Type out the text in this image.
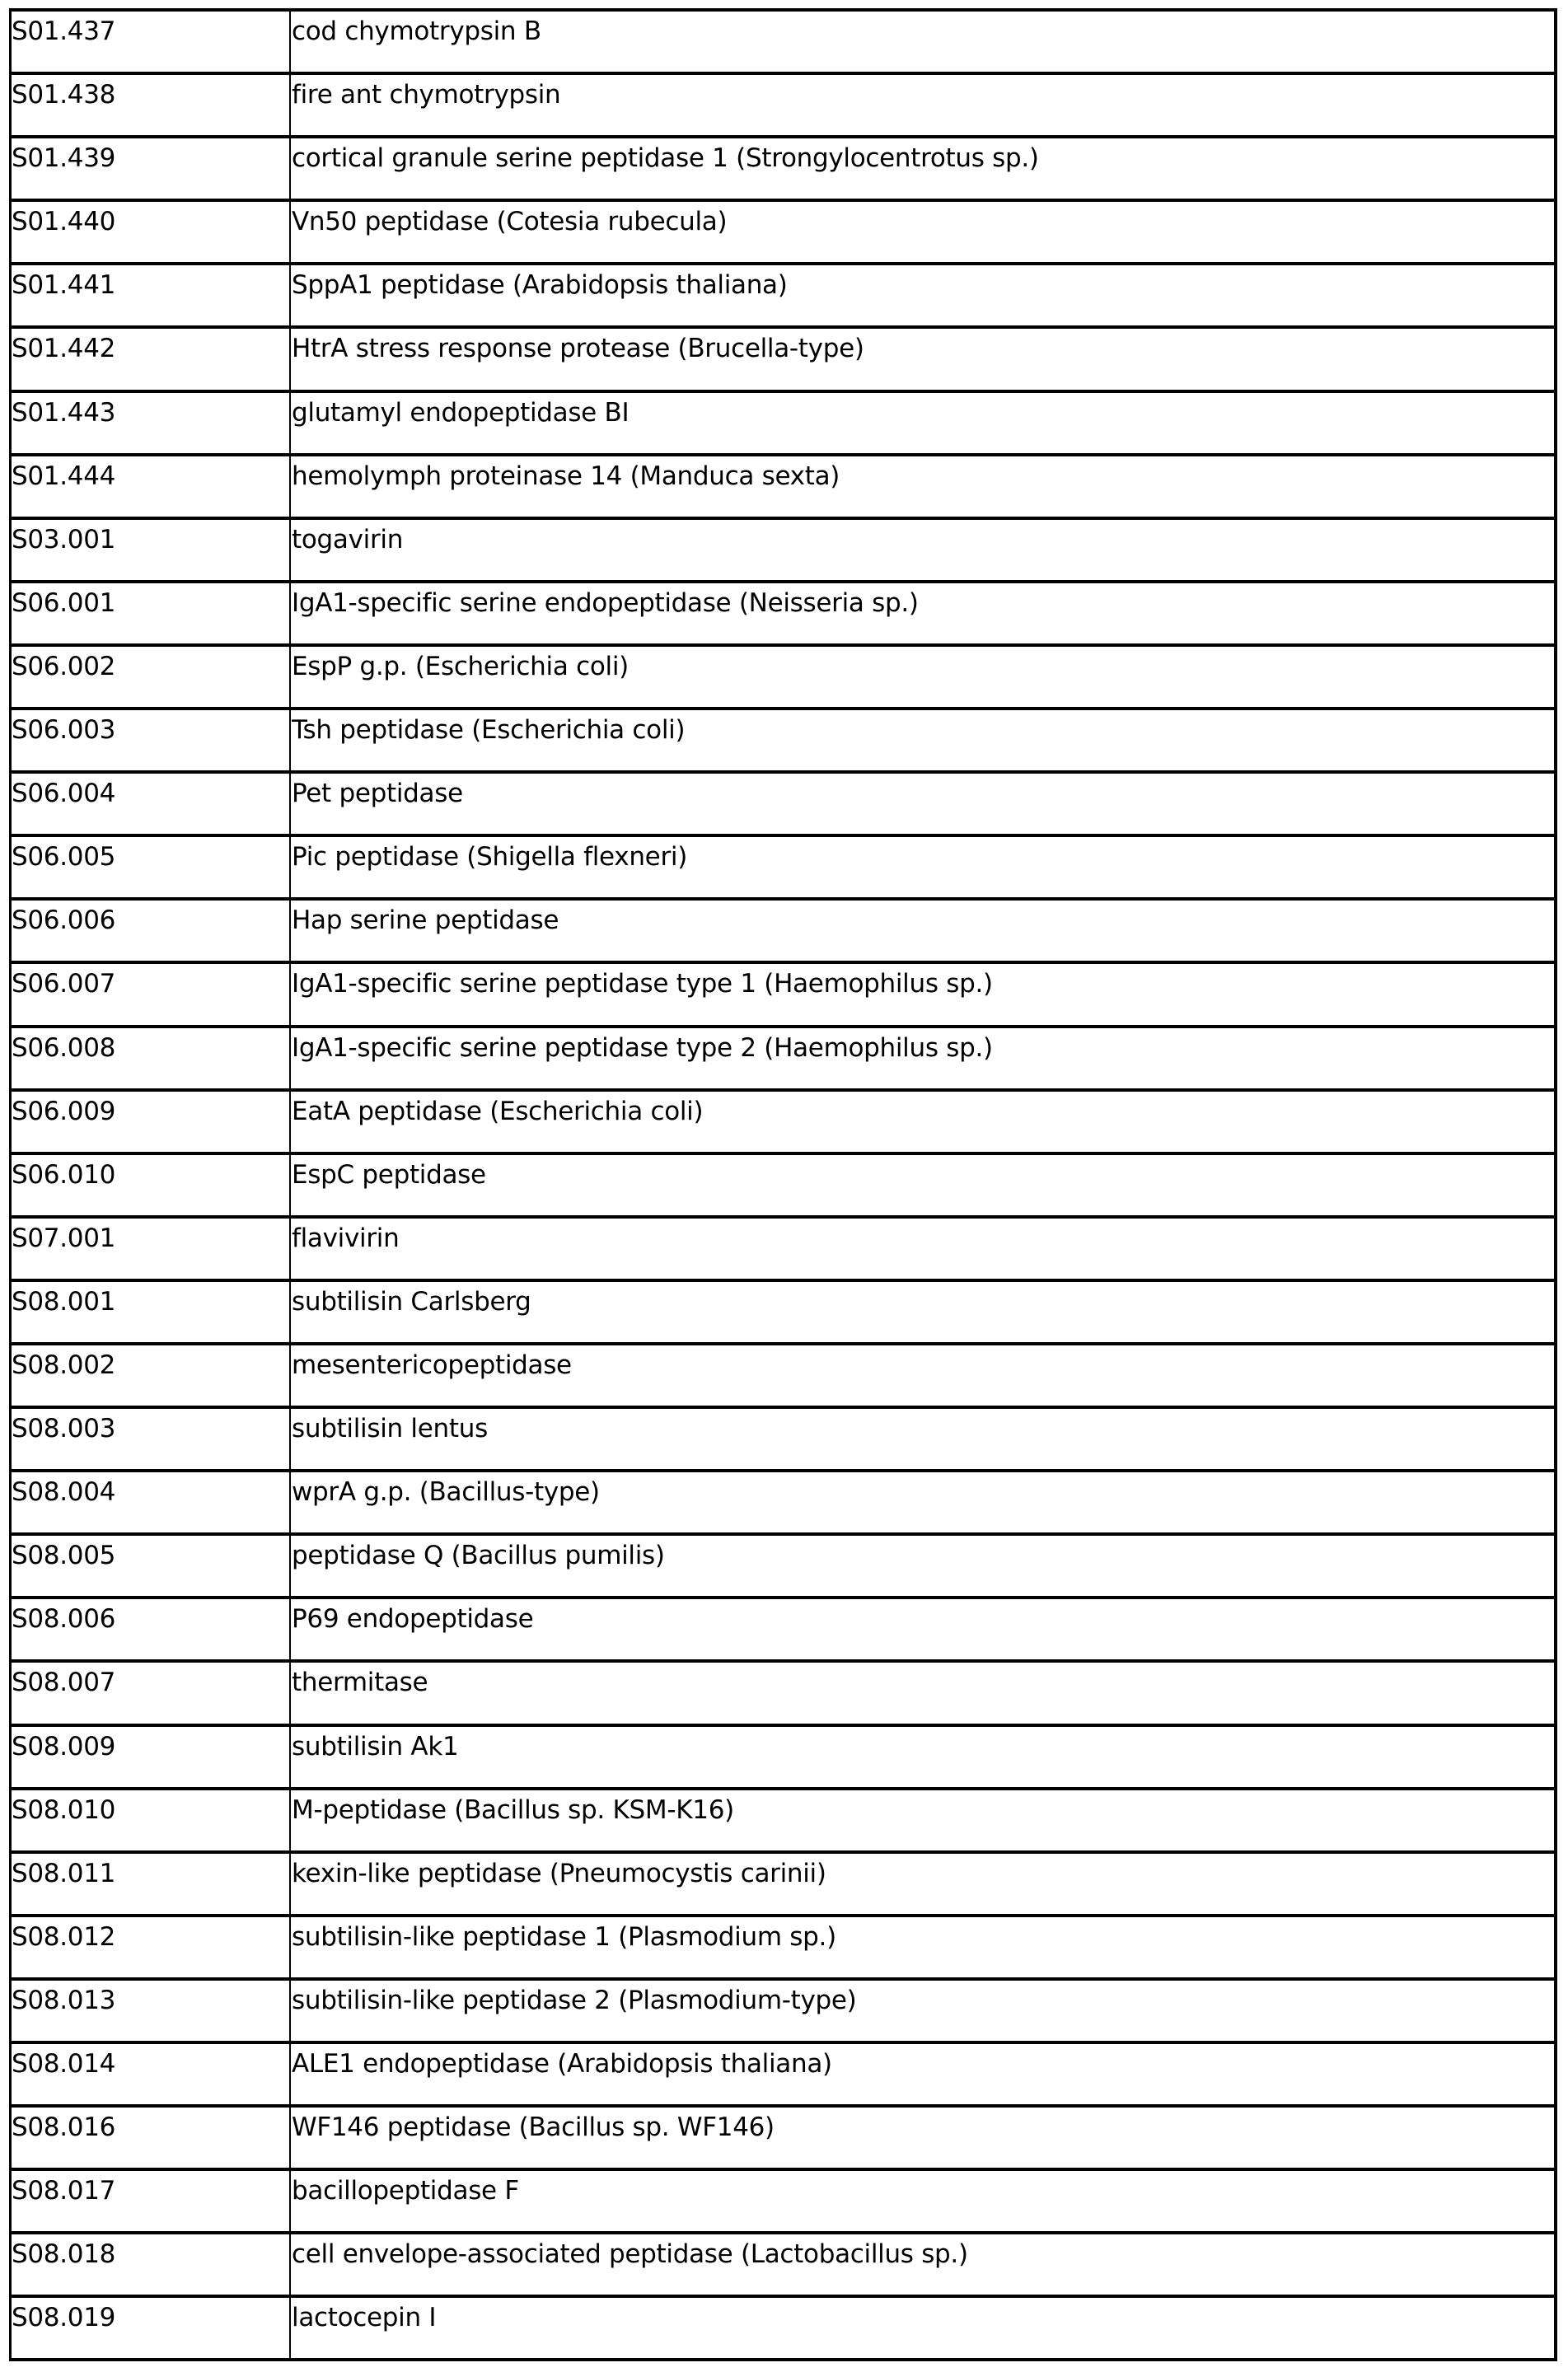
S01.437	cod chymotrypsin B
S01.438	fire ant chymotrypsin
S01.439	cortical granule serine peptidase 1 (Strongylocentrotus sp.)
S01.440	Vn50 peptidase (Cotesia rubecula)
S01.441	SppA1 peptidase (Arabidopsis thaliana)
S01.442	HtrA stress response protease (Brucella-type)
S01.443	glutamyl endopeptidase BI
S01.444	hemolymph proteinase 14 (Manduca sexta)
S03.001	togavirin
S06.001	IgA1-specific serine endopeptidase (Neisseria sp.)
S06.002	EspP g.p. (Escherichia coli)
S06.003	Tsh peptidase (Escherichia coli)
S06.004	Pet peptidase
S06.005	Pic peptidase (Shigella flexneri)
S06.006	Hap serine peptidase
S06.007	IgA1-specific serine peptidase type 1 (Haemophilus sp.)
S06.008	IgA1-specific serine peptidase type 2 (Haemophilus sp.)
S06.009	EatA peptidase (Escherichia coli)
S06.010	EspC peptidase
S07.001	flavivirin
S08.001	subtilisin Carlsberg
S08.002	mesentericopeptidase
S08.003	subtilisin lentus
S08.004	wprA g.p. (Bacillus-type)
S08.005	peptidase Q (Bacillus pumilis)
S08.006	P69 endopeptidase
S08.007	thermitase
S08.009	subtilisin Ak1
S08.010	M-peptidase (Bacillus sp. KSM-K16)
S08.011	kexin-like peptidase (Pneumocystis carinii)
S08.012	subtilisin-like peptidase 1 (Plasmodium sp.)
S08.013	subtilisin-like peptidase 2 (Plasmodium-type)
S08.014	ALE1 endopeptidase (Arabidopsis thaliana)
S08.016	WF146 peptidase (Bacillus sp. WF146)
S08.017	bacillopeptidase F
S08.018	cell envelope-associated peptidase (Lactobacillus sp.)
S08.019	lactocepin I
